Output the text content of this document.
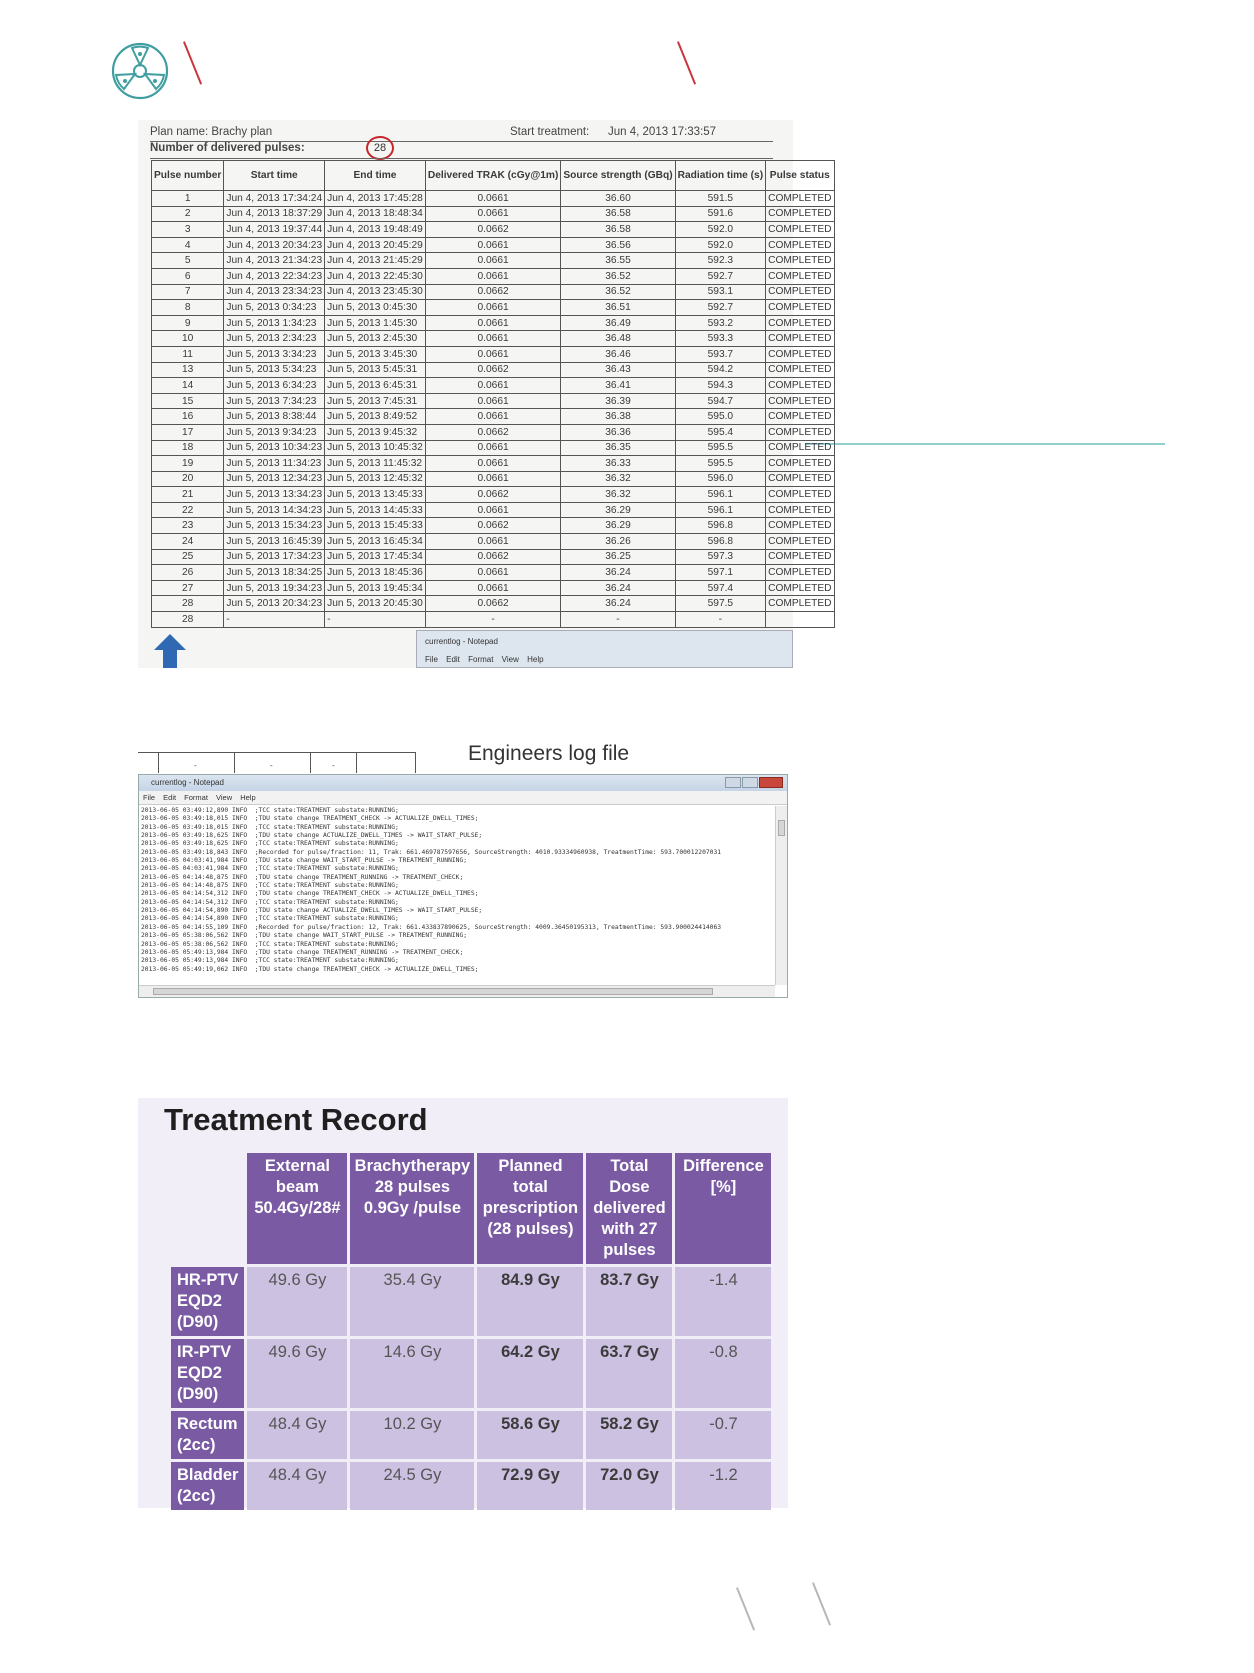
Plan name: Brachy plan	Start treatment: Jun 4, 2013 17:33:57
Number of delivered pulses:	28
Pulse number	Start time	End time	Delivered TRAK (cGy@1m)	Source strength (GBq)	Radiation time (s)	Pulse status
1	Jun 4, 2013 17:34:24	Jun 4, 2013 17:45:28	0.0661	36.60	591.5	COMPLETED
2	Jun 4, 2013 18:37:29	Jun 4, 2013 18:48:34	0.0661	36.58	591.6	COMPLETED
3	Jun 4, 2013 19:37:44	Jun 4, 2013 19:48:49	0.0662	36.58	592.0	COMPLETED
4	Jun 4, 2013 20:34:23	Jun 4, 2013 20:45:29	0.0661	36.56	592.0	COMPLETED
5	Jun 4, 2013 21:34:23	Jun 4, 2013 21:45:29	0.0661	36.55	592.3	COMPLETED
6	Jun 4, 2013 22:34:23	Jun 4, 2013 22:45:30	0.0661	36.52	592.7	COMPLETED
7	Jun 4, 2013 23:34:23	Jun 4, 2013 23:45:30	0.0662	36.52	593.1	COMPLETED
8	Jun 5, 2013 0:34:23	Jun 5, 2013 0:45:30	0.0661	36.51	592.7	COMPLETED
9	Jun 5, 2013 1:34:23	Jun 5, 2013 1:45:30	0.0661	36.49	593.2	COMPLETED
10	Jun 5, 2013 2:34:23	Jun 5, 2013 2:45:30	0.0661	36.48	593.3	COMPLETED
11	Jun 5, 2013 3:34:23	Jun 5, 2013 3:45:30	0.0661	36.46	593.7	COMPLETED
13	Jun 5, 2013 5:34:23	Jun 5, 2013 5:45:31	0.0662	36.43	594.2	COMPLETED
14	Jun 5, 2013 6:34:23	Jun 5, 2013 6:45:31	0.0661	36.41	594.3	COMPLETED
15	Jun 5, 2013 7:34:23	Jun 5, 2013 7:45:31	0.0661	36.39	594.7	COMPLETED
16	Jun 5, 2013 8:38:44	Jun 5, 2013 8:49:52	0.0661	36.38	595.0	COMPLETED
17	Jun 5, 2013 9:34:23	Jun 5, 2013 9:45:32	0.0662	36.36	595.4	COMPLETED
18	Jun 5, 2013 10:34:23	Jun 5, 2013 10:45:32	0.0661	36.35	595.5	COMPLETED
19	Jun 5, 2013 11:34:23	Jun 5, 2013 11:45:32	0.0661	36.33	595.5	COMPLETED
20	Jun 5, 2013 12:34:23	Jun 5, 2013 12:45:32	0.0661	36.32	596.0	COMPLETED
21	Jun 5, 2013 13:34:23	Jun 5, 2013 13:45:33	0.0662	36.32	596.1	COMPLETED
22	Jun 5, 2013 14:34:23	Jun 5, 2013 14:45:33	0.0661	36.29	596.1	COMPLETED
23	Jun 5, 2013 15:34:23	Jun 5, 2013 15:45:33	0.0662	36.29	596.8	COMPLETED
24	Jun 5, 2013 16:45:39	Jun 5, 2013 16:45:34	0.0661	36.26	596.8	COMPLETED
25	Jun 5, 2013 17:34:23	Jun 5, 2013 17:45:34	0.0662	36.25	597.3	COMPLETED
26	Jun 5, 2013 18:34:25	Jun 5, 2013 18:45:36	0.0661	36.24	597.1	COMPLETED
27	Jun 5, 2013 19:34:23	Jun 5, 2013 19:45:34	0.0661	36.24	597.4	COMPLETED
28	Jun 5, 2013 20:34:23	Jun 5, 2013 20:45:30	0.0662	36.24	597.5	COMPLETED
28	-	-	-	-	-	
currentlog - Notepad
File Edit Format View Help
Engineers log file
-	-	-
currentlog - Notepad
File Edit Format View Help
2013-06-05 03:49:12,890 INFO  ;TCC state:TREATMENT substate:RUNNING;
2013-06-05 03:49:18,015 INFO  ;TDU state change TREATMENT_CHECK -> ACTUALIZE_DWELL_TIMES;
2013-06-05 03:49:18,015 INFO  ;TCC state:TREATMENT substate:RUNNING;
2013-06-05 03:49:18,625 INFO  ;TDU state change ACTUALIZE_DWELL_TIMES -> WAIT_START_PULSE;
2013-06-05 03:49:18,625 INFO  ;TCC state:TREATMENT substate:RUNNING;
2013-06-05 03:49:18,843 INFO  ;Recorded for pulse/fraction: 11, Trak: 661.469787597656, SourceStrength: 4010.93334960938, TreatmentTime: 593.700012207031
2013-06-05 04:03:41,984 INFO  ;TDU state change WAIT_START_PULSE -> TREATMENT_RUNNING;
2013-06-05 04:03:41,984 INFO  ;TCC state:TREATMENT substate:RUNNING;
2013-06-05 04:14:48,875 INFO  ;TDU state change TREATMENT_RUNNING -> TREATMENT_CHECK;
2013-06-05 04:14:48,875 INFO  ;TCC state:TREATMENT substate:RUNNING;
2013-06-05 04:14:54,312 INFO  ;TDU state change TREATMENT_CHECK -> ACTUALIZE_DWELL_TIMES;
2013-06-05 04:14:54,312 INFO  ;TCC state:TREATMENT substate:RUNNING;
2013-06-05 04:14:54,890 INFO  ;TDU state change ACTUALIZE_DWELL_TIMES -> WAIT_START_PULSE;
2013-06-05 04:14:54,890 INFO  ;TCC state:TREATMENT substate:RUNNING;
2013-06-05 04:14:55,109 INFO  ;Recorded for pulse/fraction: 12, Trak: 661.433837890625, SourceStrength: 4009.36450195313, TreatmentTime: 593.900024414063
2013-06-05 05:38:06,562 INFO  ;TDU state change WAIT_START_PULSE -> TREATMENT_RUNNING;
2013-06-05 05:38:06,562 INFO  ;TCC state:TREATMENT substate:RUNNING;
2013-06-05 05:49:13,984 INFO  ;TDU state change TREATMENT_RUNNING -> TREATMENT_CHECK;
2013-06-05 05:49:13,984 INFO  ;TCC state:TREATMENT substate:RUNNING;
2013-06-05 05:49:19,062 INFO  ;TDU state change TREATMENT_CHECK -> ACTUALIZE_DWELL_TIMES;
Treatment Record
	External beam 50.4Gy/28#	Brachytherapy 28 pulses 0.9Gy /pulse	Planned total prescription (28 pulses)	Total Dose delivered with 27 pulses	Difference [%]
HR-PTV EQD2 (D90)	49.6 Gy	35.4 Gy	84.9 Gy	83.7 Gy	-1.4
IR-PTV EQD2 (D90)	49.6 Gy	14.6 Gy	64.2 Gy	63.7 Gy	-0.8
Rectum (2cc)	48.4 Gy	10.2 Gy	58.6 Gy	58.2 Gy	-0.7
Bladder (2cc)	48.4 Gy	24.5 Gy	72.9 Gy	72.0 Gy	-1.2
